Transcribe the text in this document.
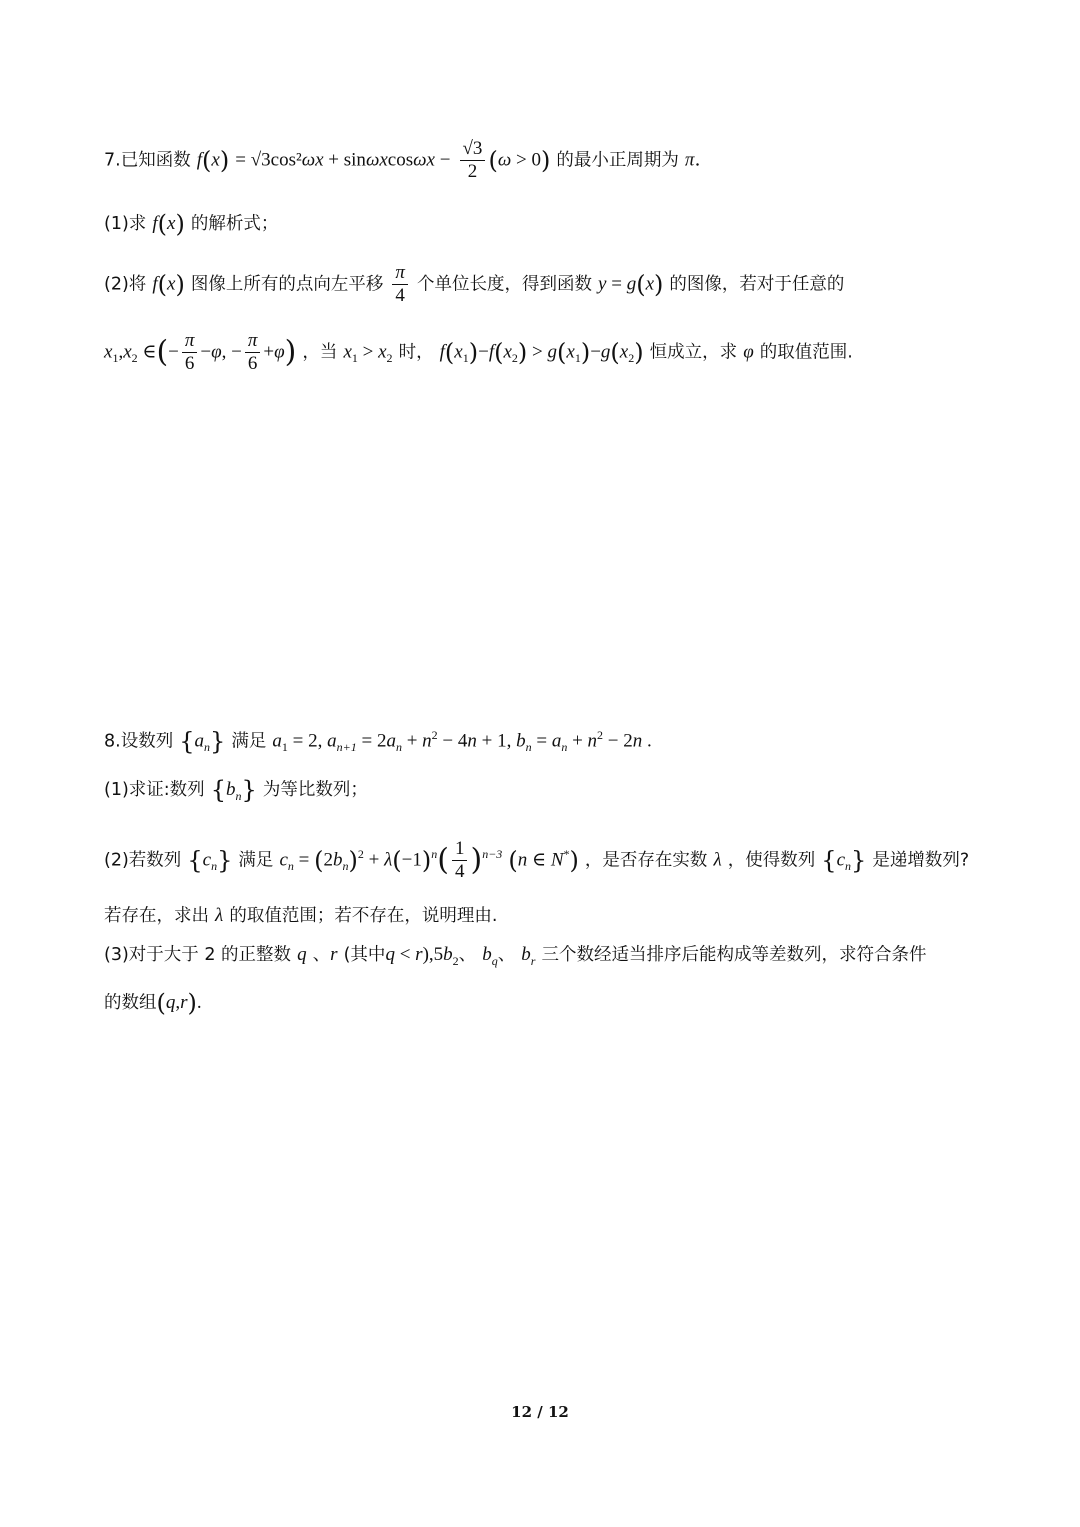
7.已知函数 $f(x) = √3\cos^2\omega x + \sin\omega xcos\omega x - \frac{√3}{2} (\omega > 0)$ 的最小正周期为 π.
(1)求 f(x) 的解析式；
(2)将 f(x) 图像上所有的点向左平移 $\frac{\pi}{4}$ 个单位长度，得到函数 y = g(x) 的图像，若对于任意的
$x_1,x_2$ ∈(− $\frac{\pi}{6} -\varphi$, − $\frac{\pi}{6} +\varphi$) ，当 $x_1 > x_2$ 时， $f(x_1)-f(x_2) > g(x_1)-g(x_2)$ 恒成立，求 φ 的取值范围.
8.设数列 $\{a_n\}$ 满足 $a_1 = 2$, $a_{n+1} = 2a_n + n^2 - 4n + 1$, $b_n = a_n + n^2 - 2n$ .
(1)求证:数列 $\{b_n\}$ 为等比数列；
(2)若数列 $\{c_n\}$ 满足 $c_n = (2b_n)^2 + \lambda(-1)^n( \frac{1}{4} )^{n-3}$ (n ∈ N*) ，是否存在实数 λ ，使得数列 $\{c_n\}$ 是递增数列?
若存在，求出 λ 的取值范围；若不存在，说明理由.
(3)对于大于 2 的正整数 q 、r (其中$q < r),5b_2$、 $b_q$、 $b_r$ 三个数经适当排序后能构成等差数列，求符合条件
的数组(q,r).
12 / 12
